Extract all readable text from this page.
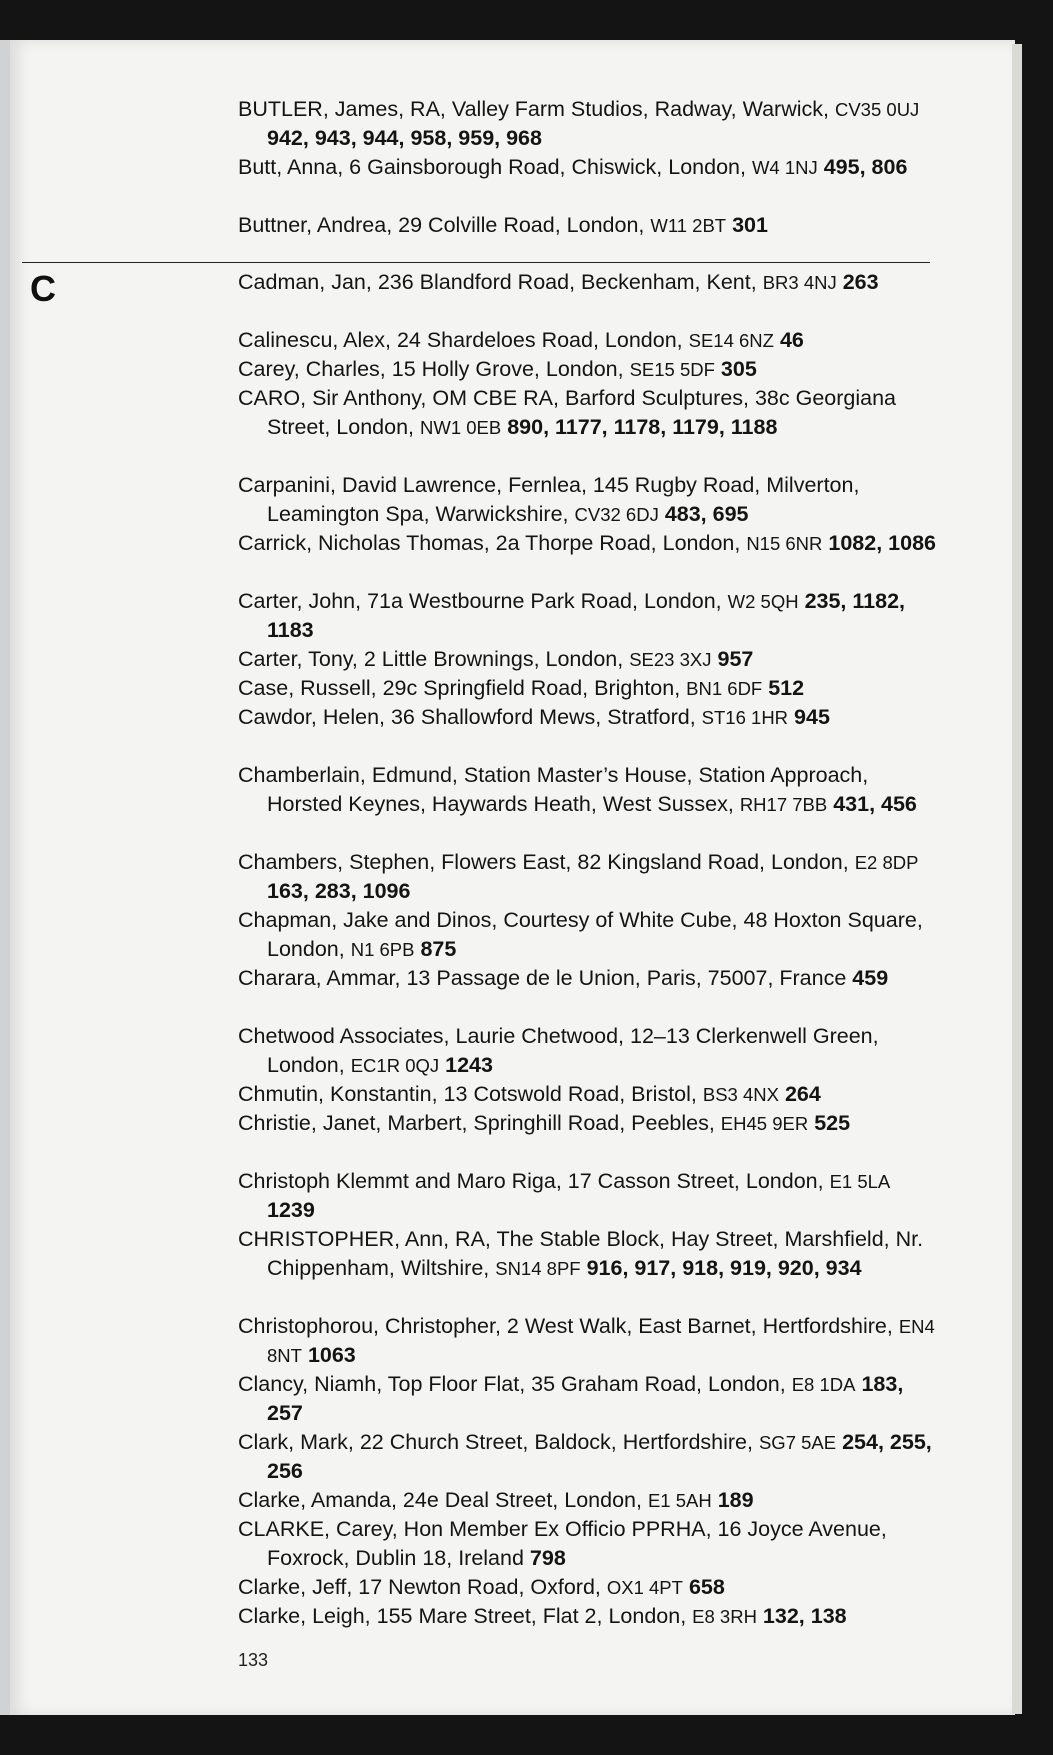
BUTLER, James, RA, Valley Farm Studios, Radway, Warwick, CV35 0UJ 942, 943, 944, 958, 959, 968
Butt, Anna, 6 Gainsborough Road, Chiswick, London, W4 1NJ 495, 806
Buttner, Andrea, 29 Colville Road, London, W11 2BT 301
C	Cadman, Jan, 236 Blandford Road, Beckenham, Kent, BR3 4NJ 263
Calinescu, Alex, 24 Shardeloes Road, London, SE14 6NZ 46
Carey, Charles, 15 Holly Grove, London, SE15 5DF 305
CARO, Sir Anthony, OM CBE RA, Barford Sculptures, 38c Georgiana Street, London, NW1 0EB 890, 1177, 1178, 1179, 1188
Carpanini, David Lawrence, Fernlea, 145 Rugby Road, Milverton, Leamington Spa, Warwickshire, CV32 6DJ 483, 695
Carrick, Nicholas Thomas, 2a Thorpe Road, London, N15 6NR 1082, 1086
Carter, John, 71a Westbourne Park Road, London, W2 5QH 235, 1182, 1183
Carter, Tony, 2 Little Brownings, London, SE23 3XJ 957
Case, Russell, 29c Springfield Road, Brighton, BN1 6DF 512
Cawdor, Helen, 36 Shallowford Mews, Stratford, ST16 1HR 945
Chamberlain, Edmund, Station Master’s House, Station Approach, Horsted Keynes, Haywards Heath, West Sussex, RH17 7BB 431, 456
Chambers, Stephen, Flowers East, 82 Kingsland Road, London, E2 8DP 163, 283, 1096
Chapman, Jake and Dinos, Courtesy of White Cube, 48 Hoxton Square, London, N1 6PB 875
Charara, Ammar, 13 Passage de le Union, Paris, 75007, France 459
Chetwood Associates, Laurie Chetwood, 12–13 Clerkenwell Green, London, EC1R 0QJ 1243
Chmutin, Konstantin, 13 Cotswold Road, Bristol, BS3 4NX 264
Christie, Janet, Marbert, Springhill Road, Peebles, EH45 9ER 525
Christoph Klemmt and Maro Riga, 17 Casson Street, London, E1 5LA 1239
CHRISTOPHER, Ann, RA, The Stable Block, Hay Street, Marshfield, Nr. Chippenham, Wiltshire, SN14 8PF 916, 917, 918, 919, 920, 934
Christophorou, Christopher, 2 West Walk, East Barnet, Hertfordshire, EN4 8NT 1063
Clancy, Niamh, Top Floor Flat, 35 Graham Road, London, E8 1DA 183, 257
Clark, Mark, 22 Church Street, Baldock, Hertfordshire, SG7 5AE 254, 255, 256
Clarke, Amanda, 24e Deal Street, London, E1 5AH 189
CLARKE, Carey, Hon Member Ex Officio PPRHA, 16 Joyce Avenue, Foxrock, Dublin 18, Ireland 798
Clarke, Jeff, 17 Newton Road, Oxford, OX1 4PT 658
Clarke, Leigh, 155 Mare Street, Flat 2, London, E8 3RH 132, 138
133
